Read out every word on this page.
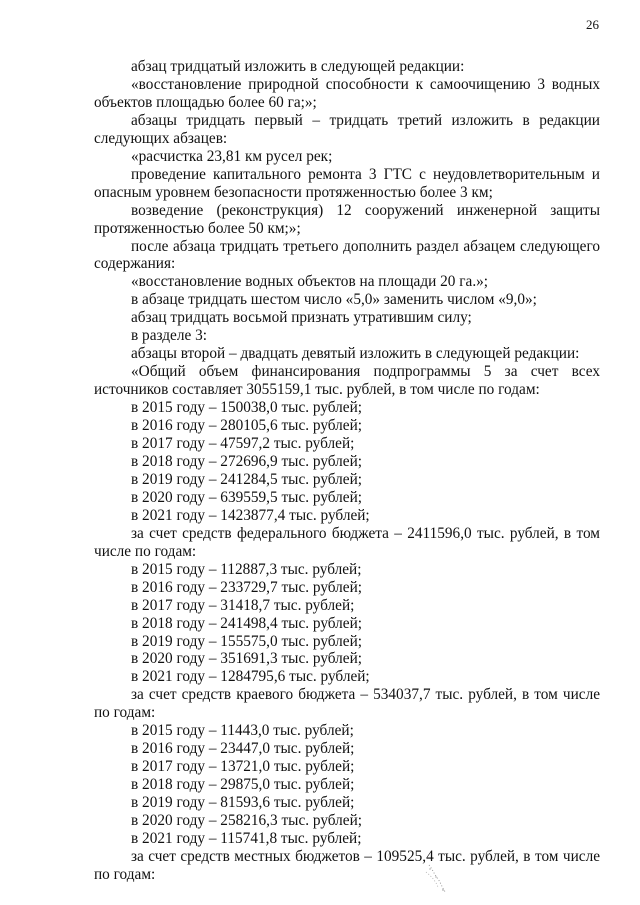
26

абзац тридцатый изложить в следующей редакции:

«восстановление природной способности к самоочищению 3 водных объектов площадью более 60 га;»;

абзацы тридцать первый – тридцать третий изложить в редакции следующих абзацев:

«расчистка 23,81 км русел рек;

проведение капитального ремонта 3 ГТС с неудовлетворительным и опасным уровнем безопасности протяженностью более 3 км;

возведение (реконструкция) 12 сооружений инженерной защиты протяженностью более 50 км;»;

после абзаца тридцать третьего дополнить раздел абзацем следующего содержания:

«восстановление водных объектов на площади 20 га.»;

в абзаце тридцать шестом число «5,0» заменить числом «9,0»;

абзац тридцать восьмой признать утратившим силу;

в разделе 3:

абзацы второй – двадцать девятый изложить в следующей редакции:

«Общий объем финансирования подпрограммы 5 за счет всех источников составляет 3055159,1 тыс. рублей, в том числе по годам:

в 2015 году – 150038,0 тыс. рублей;

в 2016 году – 280105,6 тыс. рублей;

в 2017 году – 47597,2 тыс. рублей;

в 2018 году – 272696,9 тыс. рублей;

в 2019 году – 241284,5 тыс. рублей;

в 2020 году – 639559,5 тыс. рублей;

в 2021 году – 1423877,4 тыс. рублей;

за счет средств федерального бюджета – 2411596,0 тыс. рублей, в том числе по годам:

в 2015 году – 112887,3 тыс. рублей;

в 2016 году – 233729,7 тыс. рублей;

в 2017 году – 31418,7 тыс. рублей;

в 2018 году – 241498,4 тыс. рублей;

в 2019 году – 155575,0 тыс. рублей;

в 2020 году – 351691,3 тыс. рублей;

в 2021 году – 1284795,6 тыс. рублей;

за счет средств краевого бюджета – 534037,7 тыс. рублей, в том числе по годам:

в 2015 году – 11443,0 тыс. рублей;

в 2016 году – 23447,0 тыс. рублей;

в 2017 году – 13721,0 тыс. рублей;

в 2018 году – 29875,0 тыс. рублей;

в 2019 году – 81593,6 тыс. рублей;

в 2020 году – 258216,3 тыс. рублей;

в 2021 году – 115741,8 тыс. рублей;

за счет средств местных бюджетов – 109525,4 тыс. рублей, в том числе по годам:
